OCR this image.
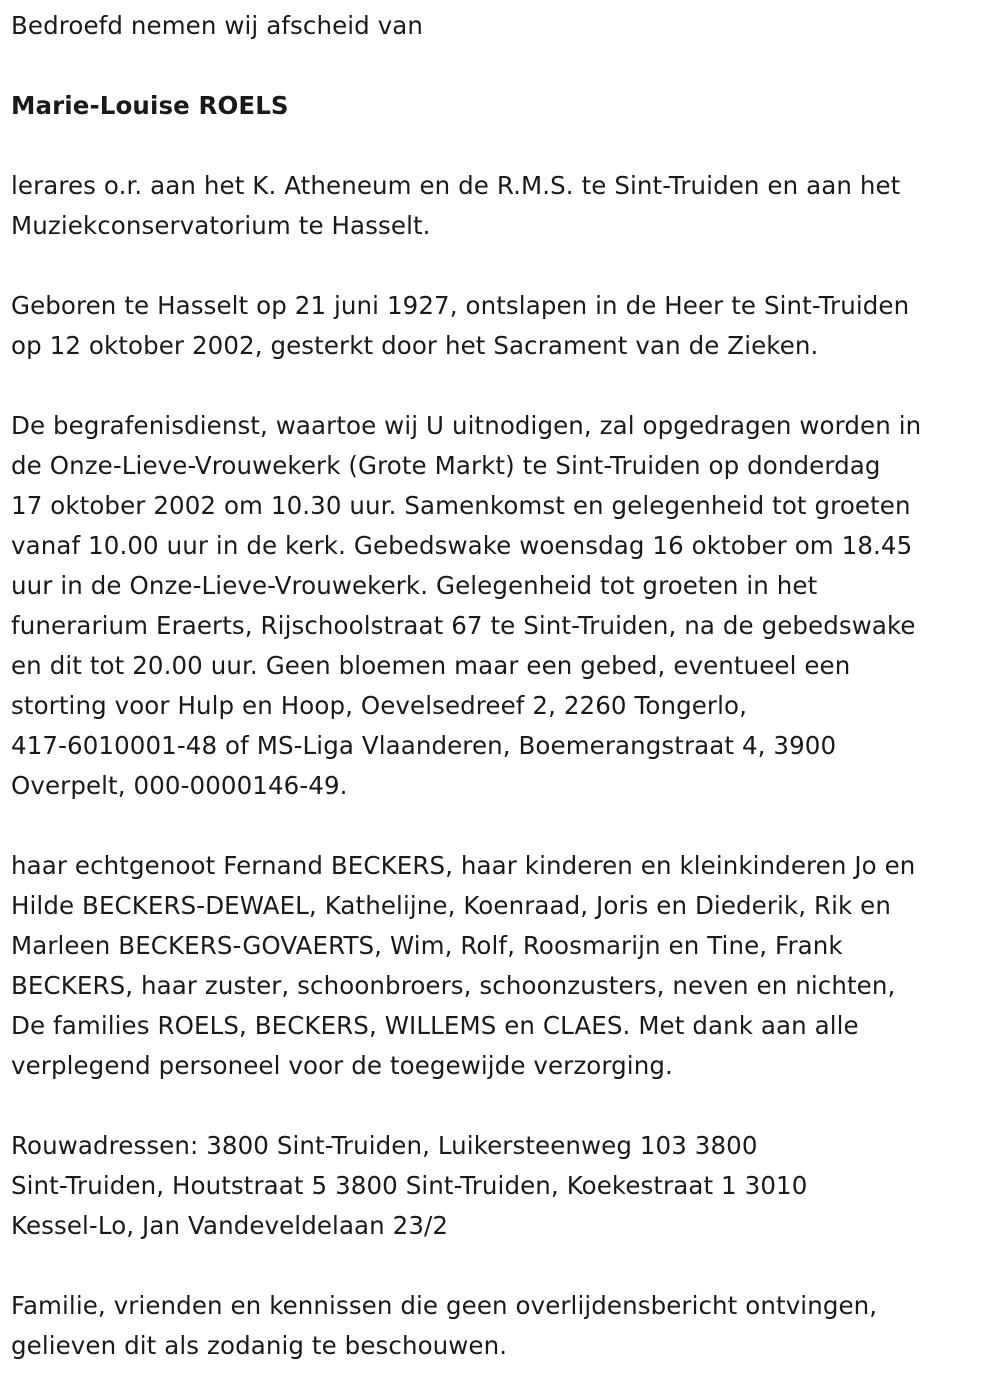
Bedroefd nemen wij afscheid van

Marie-Louise ROELS

lerares o.r. aan het K. Atheneum en de R.M.S. te Sint-Truiden en aan het
Muziekconservatorium te Hasselt.

Geboren te Hasselt op 21 juni 1927, ontslapen in de Heer te Sint-Truiden
op 12 oktober 2002, gesterkt door het Sacrament van de Zieken.

De begrafenisdienst, waartoe wij U uitnodigen, zal opgedragen worden in
de Onze-Lieve-Vrouwekerk (Grote Markt) te Sint-Truiden op donderdag
17 oktober 2002 om 10.30 uur. Samenkomst en gelegenheid tot groeten
vanaf 10.00 uur in de kerk. Gebedswake woensdag 16 oktober om 18.45
uur in de Onze-Lieve-Vrouwekerk. Gelegenheid tot groeten in het
funerarium Eraerts, Rijschoolstraat 67 te Sint-Truiden, na de gebedswake
en dit tot 20.00 uur. Geen bloemen maar een gebed, eventueel een
storting voor Hulp en Hoop, Oevelsedreef 2, 2260 Tongerlo,
417-6010001-48 of MS-Liga Vlaanderen, Boemerangstraat 4, 3900
Overpelt, 000-0000146-49.

haar echtgenoot Fernand BECKERS, haar kinderen en kleinkinderen Jo en
Hilde BECKERS-DEWAEL, Kathelijne, Koenraad, Joris en Diederik, Rik en
Marleen BECKERS-GOVAERTS, Wim, Rolf, Roosmarijn en Tine, Frank
BECKERS, haar zuster, schoonbroers, schoonzusters, neven en nichten,
De families ROELS, BECKERS, WILLEMS en CLAES. Met dank aan alle
verplegend personeel voor de toegewijde verzorging.

Rouwadressen: 3800 Sint-Truiden, Luikersteenweg 103 3800
Sint-Truiden, Houtstraat 5 3800 Sint-Truiden, Koekestraat 1 3010
Kessel-Lo, Jan Vandeveldelaan 23/2

Familie, vrienden en kennissen die geen overlijdensbericht ontvingen,
gelieven dit als zodanig te beschouwen.
